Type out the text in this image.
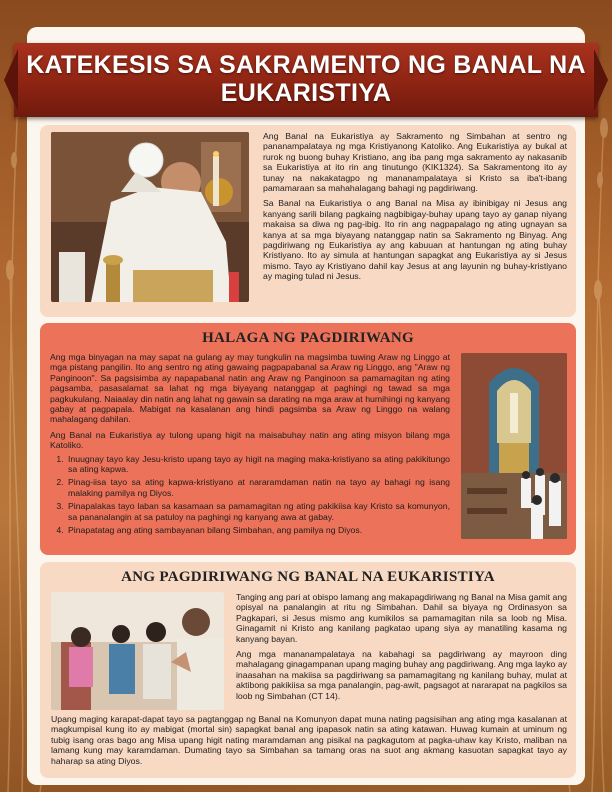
KATEKESIS SA SAKRAMENTO NG BANAL NA EUKARISTIYA

Ang Banal na Eukaristiya ay Sakramento ng Simbahan at sentro ng pananampalataya ng mga Kristiyanong Katoliko. Ang Eukaristiya ay bukal at rurok ng buong buhay Kristiano, ang iba pang mga sakramento ay nakasanib sa Eukaristiya at ito rin ang tinutungo (KIK1324). Sa Sakramentong ito ay tunay na nakakatagpo ng mananampalataya si Kristo sa iba't-ibang pamamaraan sa mahahalagang bahagi ng pagdiriwang.

Sa Banal na Eukaristiya o ang Banal na Misa ay ibinibigay ni Jesus ang kanyang sarili bilang pagkaing nagbibigay-buhay upang tayo ay ganap niyang makaisa sa diwa ng pag-ibig. Ito rin ang nagpapalago ng ating ugnayan sa kanya at sa mga biyayang natanggap natin sa Sakramento ng Binyag. Ang pagdiriwang ng Eukaristiya ay ang kabuuan at hantungan ng ating buhay Kristiyano. Ito ay simula at hantungan sapagkat ang Eukaristiya ay si Jesus mismo. Tayo ay Kristiyano dahil kay Jesus at ang layunin ng buhay-kristiyano ay maging tulad ni Jesus.

HALAGA NG PAGDIRIWANG

Ang mga binyagan na may sapat na gulang ay may tungkulin na magsimba tuwing Araw ng Linggo at mga pistang pangilin. Ito ang sentro ng ating gawaing pagpapabanal sa Araw ng Linggo, ang "Araw ng Panginoon". Sa pagsisimba ay napapabanal natin ang Araw ng Panginoon sa pamamagitan ng ating pagsamba, pasasalamat sa lahat ng mga biyayang natanggap at paghingi ng tawad sa mga pagkukulang. Naiaalay din natin ang lahat ng gawain sa darating na mga araw at humihingi ng kanyang gabay at pagpapala. Mabigat na kasalanan ang hindi pagsimba sa Araw ng Linggo na walang mahalagang dahilan.

Ang Banal na Eukaristiya ay tulong upang higit na maisabuhay natin ang ating misyon bilang mga Katoliko.

1. Inuugnay tayo kay Jesu-kristo upang tayo ay higit na maging maka-kristiyano sa ating pakikitungo sa ating kapwa.
2. Pinag-iisa tayo sa ating kapwa-kristiyano at nararamdaman natin na tayo ay bahagi ng isang malaking pamilya ng Diyos.
3. Pinapalakas tayo laban sa kasamaan sa pamamagitan ng ating pakikiisa kay Kristo sa komunyon, sa pananalangin at sa patuloy na paghingi ng kanyang awa at gabay.
4. Pinapatatag ang ating sambayanan bilang Simbahan, ang pamilya ng Diyos.
ANG PAGDIRIWANG NG BANAL NA EUKARISTIYA

Tanging ang pari at obispo lamang ang makapagdiriwang ng Banal na Misa gamit ang opisyal na panalangin at ritu ng Simbahan. Dahil sa biyaya ng Ordinasyon sa Pagkapari, si Jesus mismo ang kumikilos sa pamamagitan nila sa loob ng Misa. Ginagamit ni Kristo ang kanilang pagkatao upang siya ay manatiling kasama ng kanyang bayan.

Ang mga mananampalataya na kabahagi sa pagdiriwang ay mayroon ding mahalagang ginagampanan upang maging buhay ang pagdiriwang. Ang mga layko ay inaasahan na makiisa sa pagdiriwang sa pamamagitang ng kanilang buhay, mulat at aktibong pakikiisa sa mga panalangin, pag-awit, pagsagot at nararapat na pagkilos sa loob ng Simbahan (CT 14).

Upang maging karapat-dapat tayo sa pagtanggap ng Banal na Komunyon dapat muna nating pagsisihan ang ating mga kasalanan at magkumpisal kung ito ay mabigat (mortal sin) sapagkat banal ang ipapasok natin sa ating katawan. Huwag kumain at uminum ng tubig isang oras bago ang Misa upang higit nating maramdaman ang pisikal na pagkagutom at pagka-uhaw kay Kristo, maliban na lamang kung may karamdaman. Dumating tayo sa Simbahan sa tamang oras na suot ang akmang kasuotan sapagkat tayo ay haharap sa ating Diyos.
